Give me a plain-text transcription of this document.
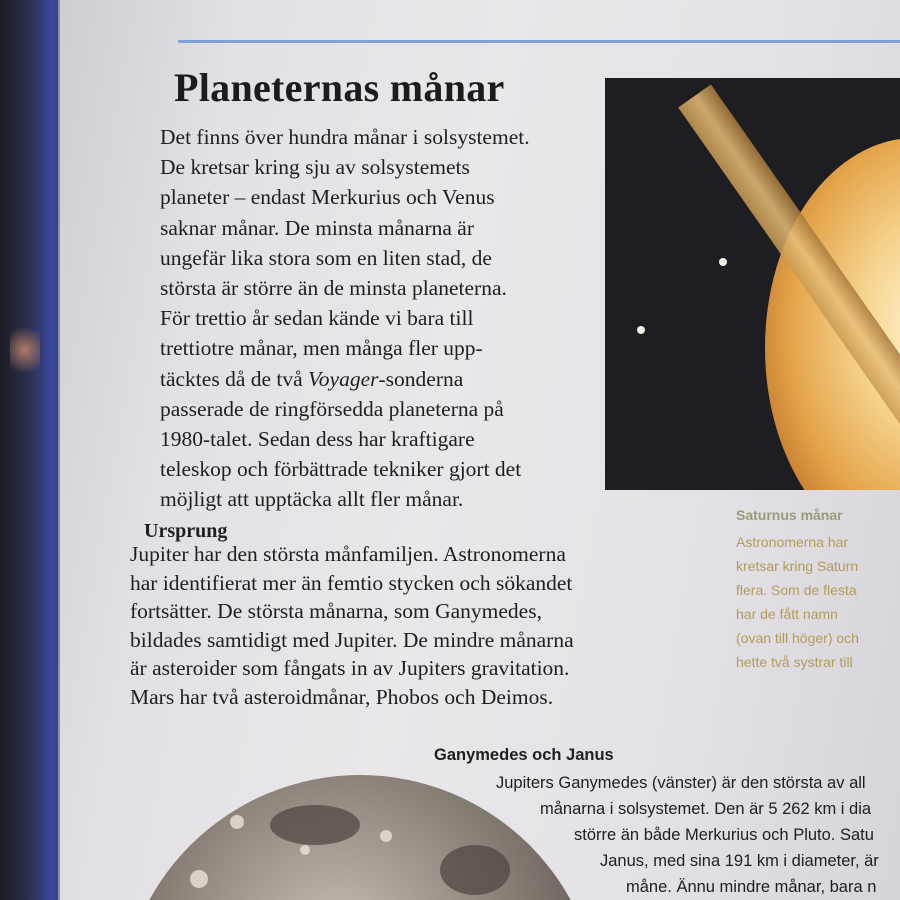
Planeternas månar

Det finns över hundra månar i solsystemet.

De kretsar kring sju av solsystemets

planeter – endast Merkurius och Venus

saknar månar. De minsta månarna är

ungefär lika stora som en liten stad, de

största är större än de minsta planeterna.

För trettio år sedan kände vi bara till

trettiotre månar, men många fler upp-

täcktes då de två Voyager-sonderna

passerade de ringförsedda planeterna på

1980-talet. Sedan dess har kraftigare

teleskop och förbättrade tekniker gjort det

möjligt att upptäcka allt fler månar.

Saturnus månar
Astronomerna har
kretsar kring Saturn
flera. Som de flesta
har de fått namn
(ovan till höger) och
hette två systrar till
Ursprung

Jupiter har den största månfamiljen. Astronomerna

har identifierat mer än femtio stycken och sökandet

fortsätter. De största månarna, som Ganymedes,

bildades samtidigt med Jupiter. De mindre månarna

är asteroider som fångats in av Jupiters gravitation.

Mars har två asteroidmånar, Phobos och Deimos.

Ganymedes och Janus
Jupiters Ganymedes (vänster) är den största av all
månarna i solsystemet. Den är 5 262 km i dia
större än både Merkurius och Pluto. Satu
Janus, med sina 191 km i diameter, är
måne. Ännu mindre månar, bara n
